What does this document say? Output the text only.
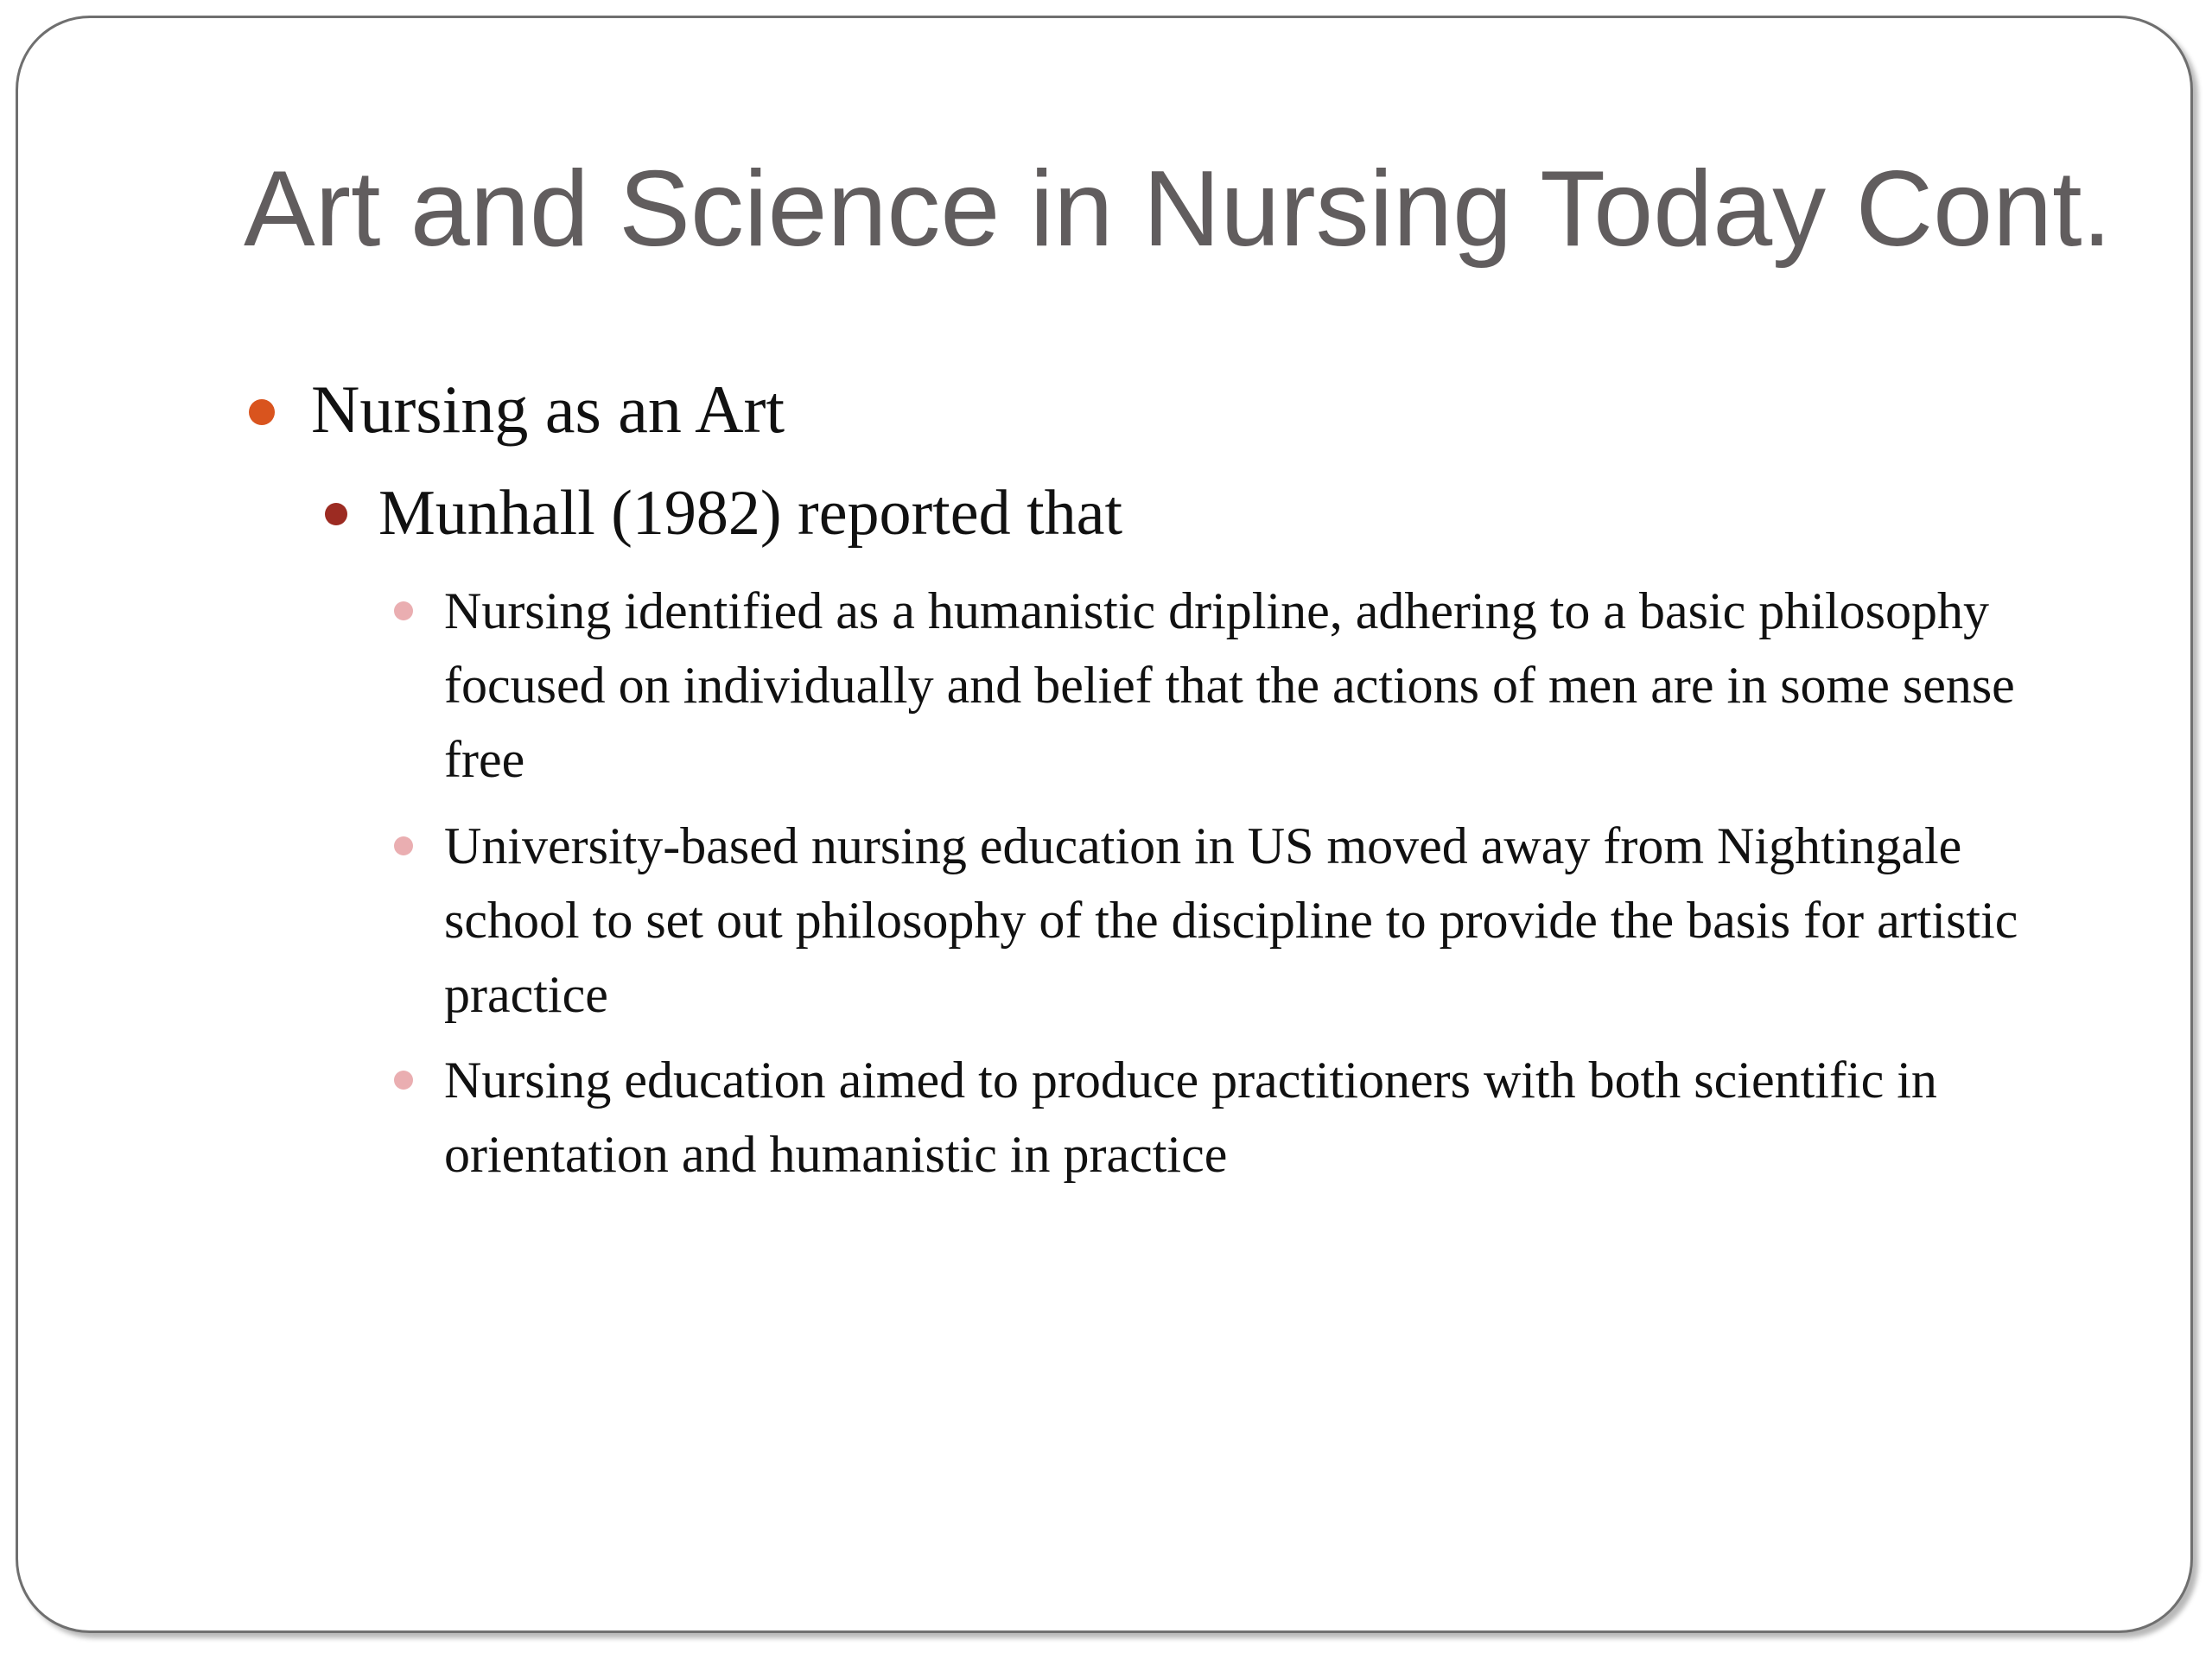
Art and Science in Nursing Today Cont.

Nursing as an Art

Munhall (1982) reported that

Nursing identified as a humanistic dripline, adhering to a basic philosophy focused on individually and belief that the actions of men are in some sense free

University-based nursing education in US moved away from Nightingale school to set out philosophy of the discipline to provide the basis for artistic practice

Nursing education aimed to produce practitioners with both scientific in orientation and humanistic in practice
